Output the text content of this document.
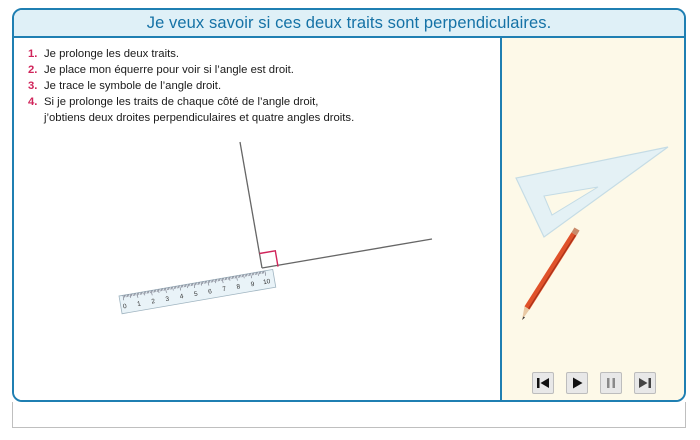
Je veux savoir si ces deux traits sont perpendiculaires.
1. Je prolonge les deux traits.
2. Je place mon équerre pour voir si l’angle est droit.
3. Je trace le symbole de l’angle droit.
4. Si je prolonge les traits de chaque côté de l’angle droit,
j’obtiens deux droites perpendiculaires et quatre angles droits.
0 1 2 3 4 5 6 7 8 9 10
